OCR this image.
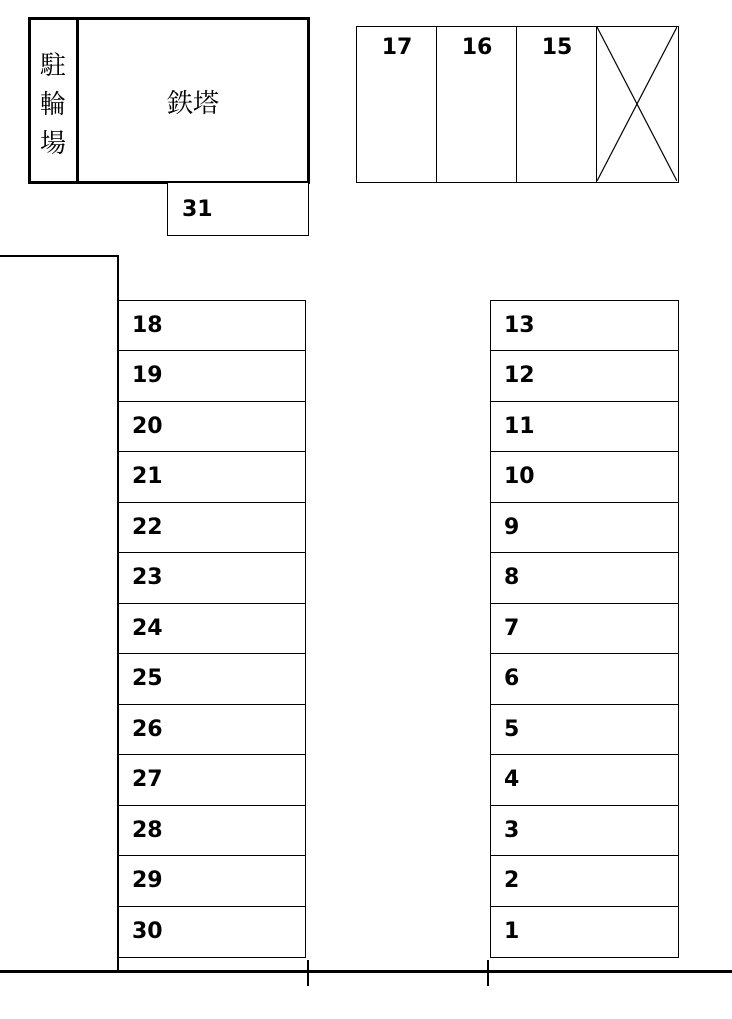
駐
輪
場
鉄塔
31
17	16	15
18
19
20
21
22
23
24
25
26
27
28
29
30
13
12
11
10
9
8
7
6
5
4
3
2
1
